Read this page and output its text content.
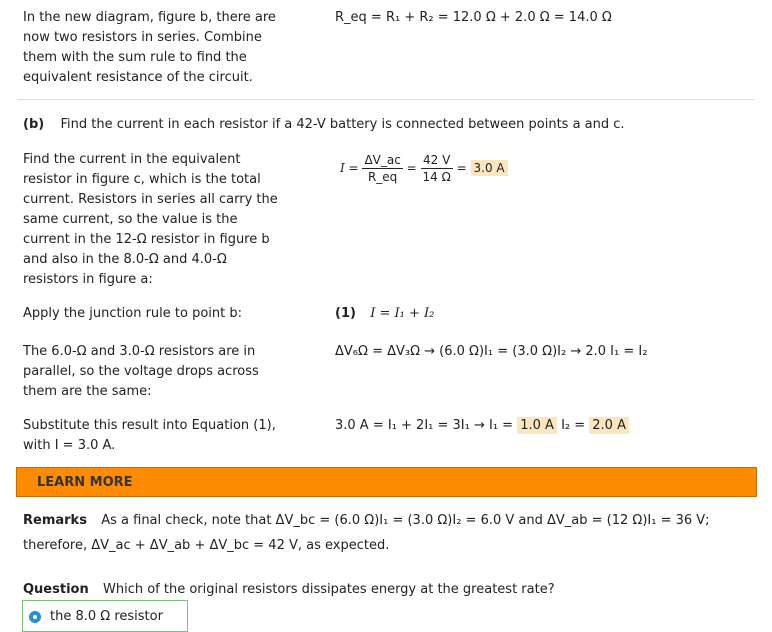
In the new diagram, figure b, there are
now two resistors in series. Combine
them with the sum rule to find the
equivalent resistance of the circuit.
R_eq = R₁ + R₂ = 12.0 Ω + 2.0 Ω = 14.0 Ω
(b) Find the current in each resistor if a 42-V battery is connected between points a and c.
Find the current in the equivalent
resistor in figure c, which is the total
current. Resistors in series all carry the
same current, so the value is the
current in the 12-Ω resistor in figure b
and also in the 8.0-Ω and 4.0-Ω
resistors in figure a:
$I = \frac{\Delta V\_ac}{R\_eq} = \frac{42 V}{14 \Omega} = 3.0$ A
Apply the junction rule to point b:	(1) I = I₁ + I₂
The 6.0-Ω and 3.0-Ω resistors are in
parallel, so the voltage drops across
them are the same:
ΔV₆Ω = ΔV₃Ω → (6.0 Ω)I₁ = (3.0 Ω)I₂ → 2.0 I₁ = I₂
Substitute this result into Equation (1),
with I = 3.0 A.
3.0 A = I₁ + 2I₁ = 3I₁ → I₁ = 1.0 A I₂ = 2.0 A
LEARN MORE
Remarks As a final check, note that ΔV_bc = (6.0 Ω)I₁ = (3.0 Ω)I₂ = 6.0 V and ΔV_ab = (12 Ω)I₁ = 36 V;
therefore, ΔV_ac + ΔV_ab + ΔV_bc = 42 V, as expected.
Question Which of the original resistors dissipates energy at the greatest rate?
the 8.0 Ω resistor
